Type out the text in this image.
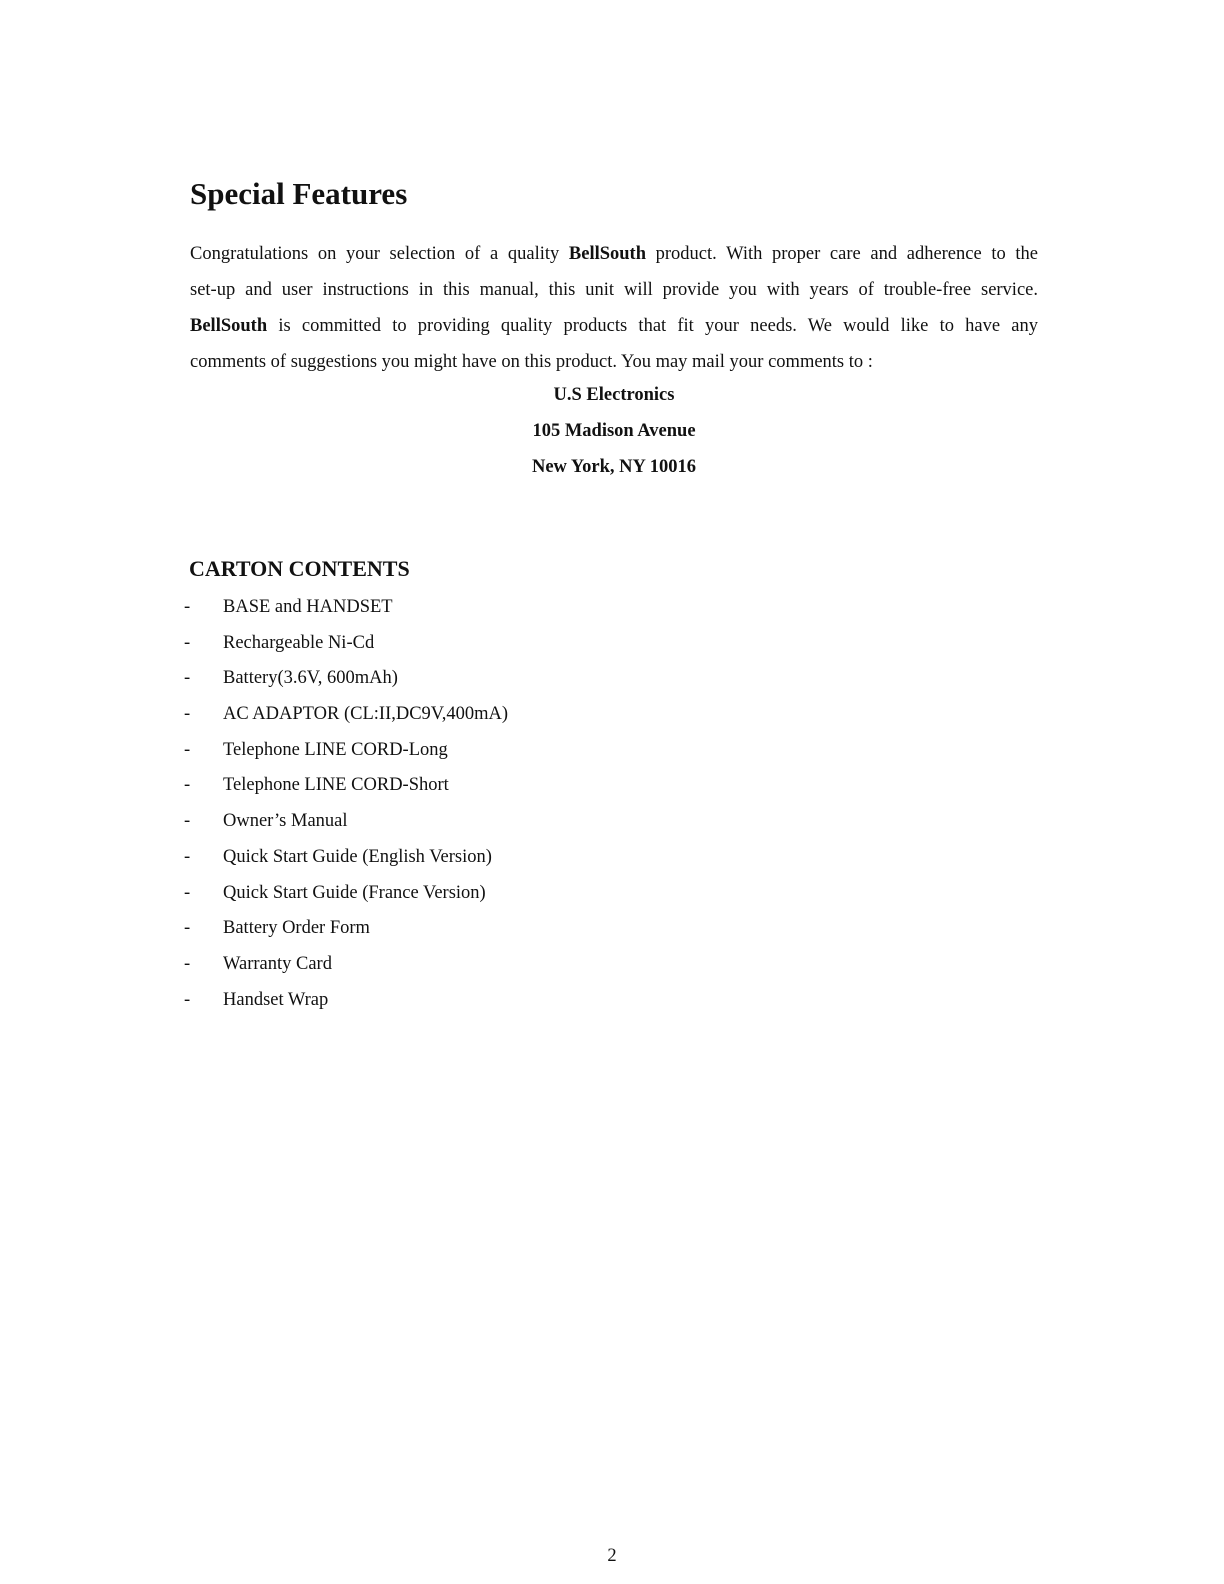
Special Features
Congratulations on your selection of a quality BellSouth product. With proper care and adherence to the
set-up and user instructions in this manual, this unit will provide you with years of trouble-free service.
BellSouth is committed to providing quality products that fit your needs. We would like to have any
comments of suggestions you might have on this product. You may mail your comments to :
U.S Electronics
105 Madison Avenue
New York, NY 10016
CARTON CONTENTS
-	BASE and HANDSET
-	Rechargeable Ni-Cd
-	Battery(3.6V, 600mAh)
-	AC ADAPTOR (CL:II,DC9V,400mA)
-	Telephone LINE CORD-Long
-	Telephone LINE CORD-Short
-	Owner’s Manual
-	Quick Start Guide (English Version)
-	Quick Start Guide (France Version)
-	Battery Order Form
-	Warranty Card
-	Handset Wrap
2
